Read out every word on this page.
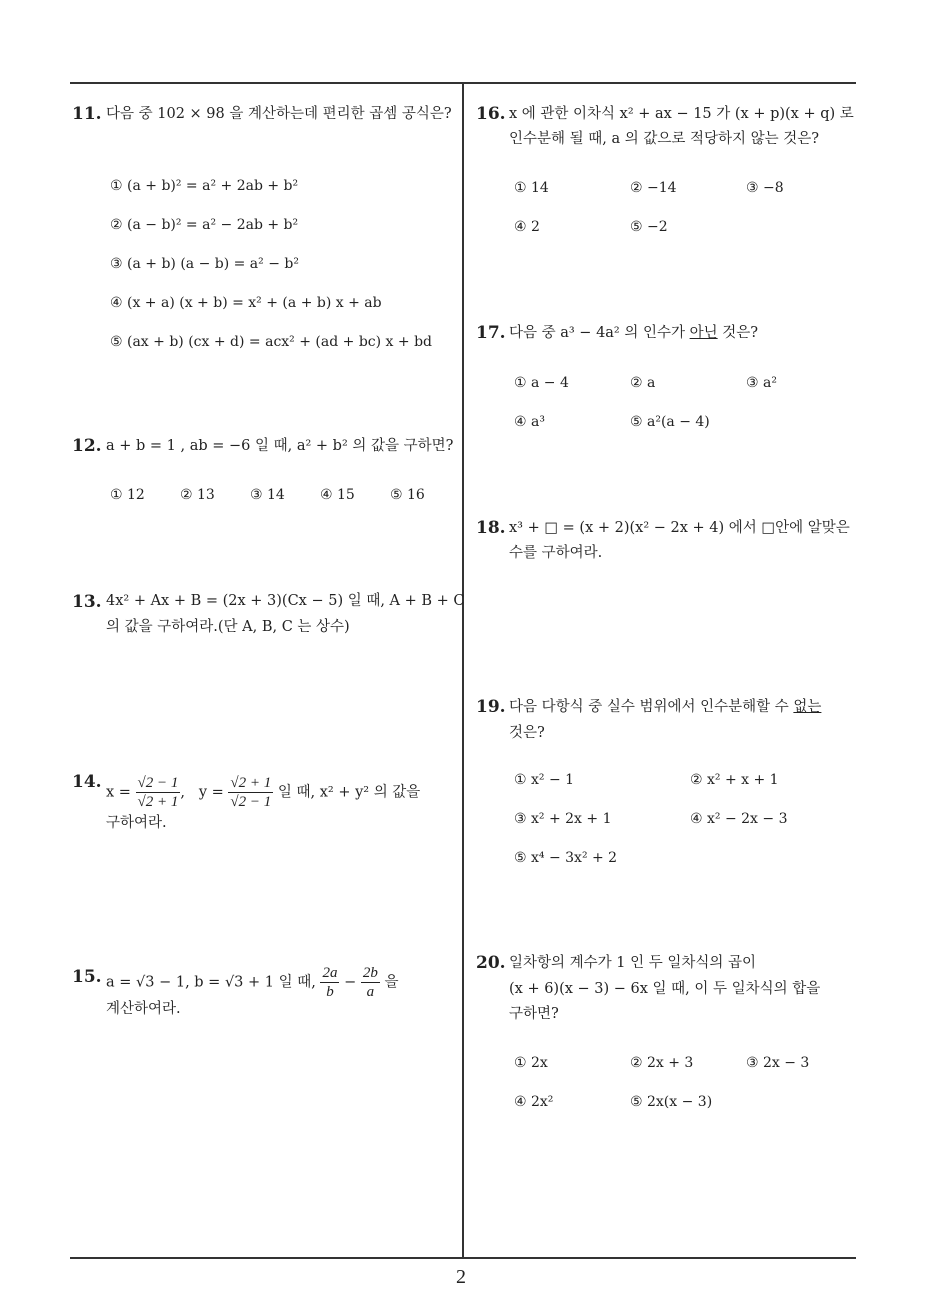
11. 다음 중 102 × 98 을 계산하는데 편리한 곱셈 공식은?
① (a + b)² = a² + 2ab + b²
② (a − b)² = a² − 2ab + b²
③ (a + b) (a − b) = a² − b²
④ (x + a) (x + b) = x² + (a + b) x + ab
⑤ (ax + b) (cx + d) = acx² + (ad + bc) x + bd
12. a + b = 1 , ab = −6 일 때, a² + b² 의 값을 구하면?
① 12	② 13	③ 14	④ 15	⑤ 16
13. 4x² + Ax + B = (2x + 3)(Cx − 5) 일 때, A + B + C
의 값을 구하여라.(단 A, B, C 는 상수)
14.
$x = \frac{√2 - 1}{√2 + 1}$ , $y = \frac{√2 + 1}{√2 - 1}$ 일 때, x² + y² 의 값을
구하여라.
15. a = √3 − 1, b = √3 + 1 일 때, $\frac{2a}{b} - \frac{2b}{a}$ 을
계산하여라.
16. x 에 관한 이차식 x² + ax − 15 가 (x + p)(x + q) 로
인수분해 될 때, a 의 값으로 적당하지 않는 것은?
① 14	② −14	③ −8
④ 2	⑤ −2
17. 다음 중 a³ − 4a² 의 인수가 아닌 것은?
① a − 4	② a	③ a²
④ a³	⑤ a²(a − 4)
18. x³ + □ = (x + 2)(x² − 2x + 4) 에서 □안에 알맞은
수를 구하여라.
19. 다음 다항식 중 실수 범위에서 인수분해할 수 없는
것은?
① x² − 1	② x² + x + 1
③ x² + 2x + 1	④ x² − 2x − 3
⑤ x⁴ − 3x² + 2
20. 일차항의 계수가 1 인 두 일차식의 곱이
(x + 6)(x − 3) − 6x 일 때, 이 두 일차식의 합을
구하면?
① 2x	② 2x + 3	③ 2x − 3
④ 2x²	⑤ 2x(x − 3)
2
